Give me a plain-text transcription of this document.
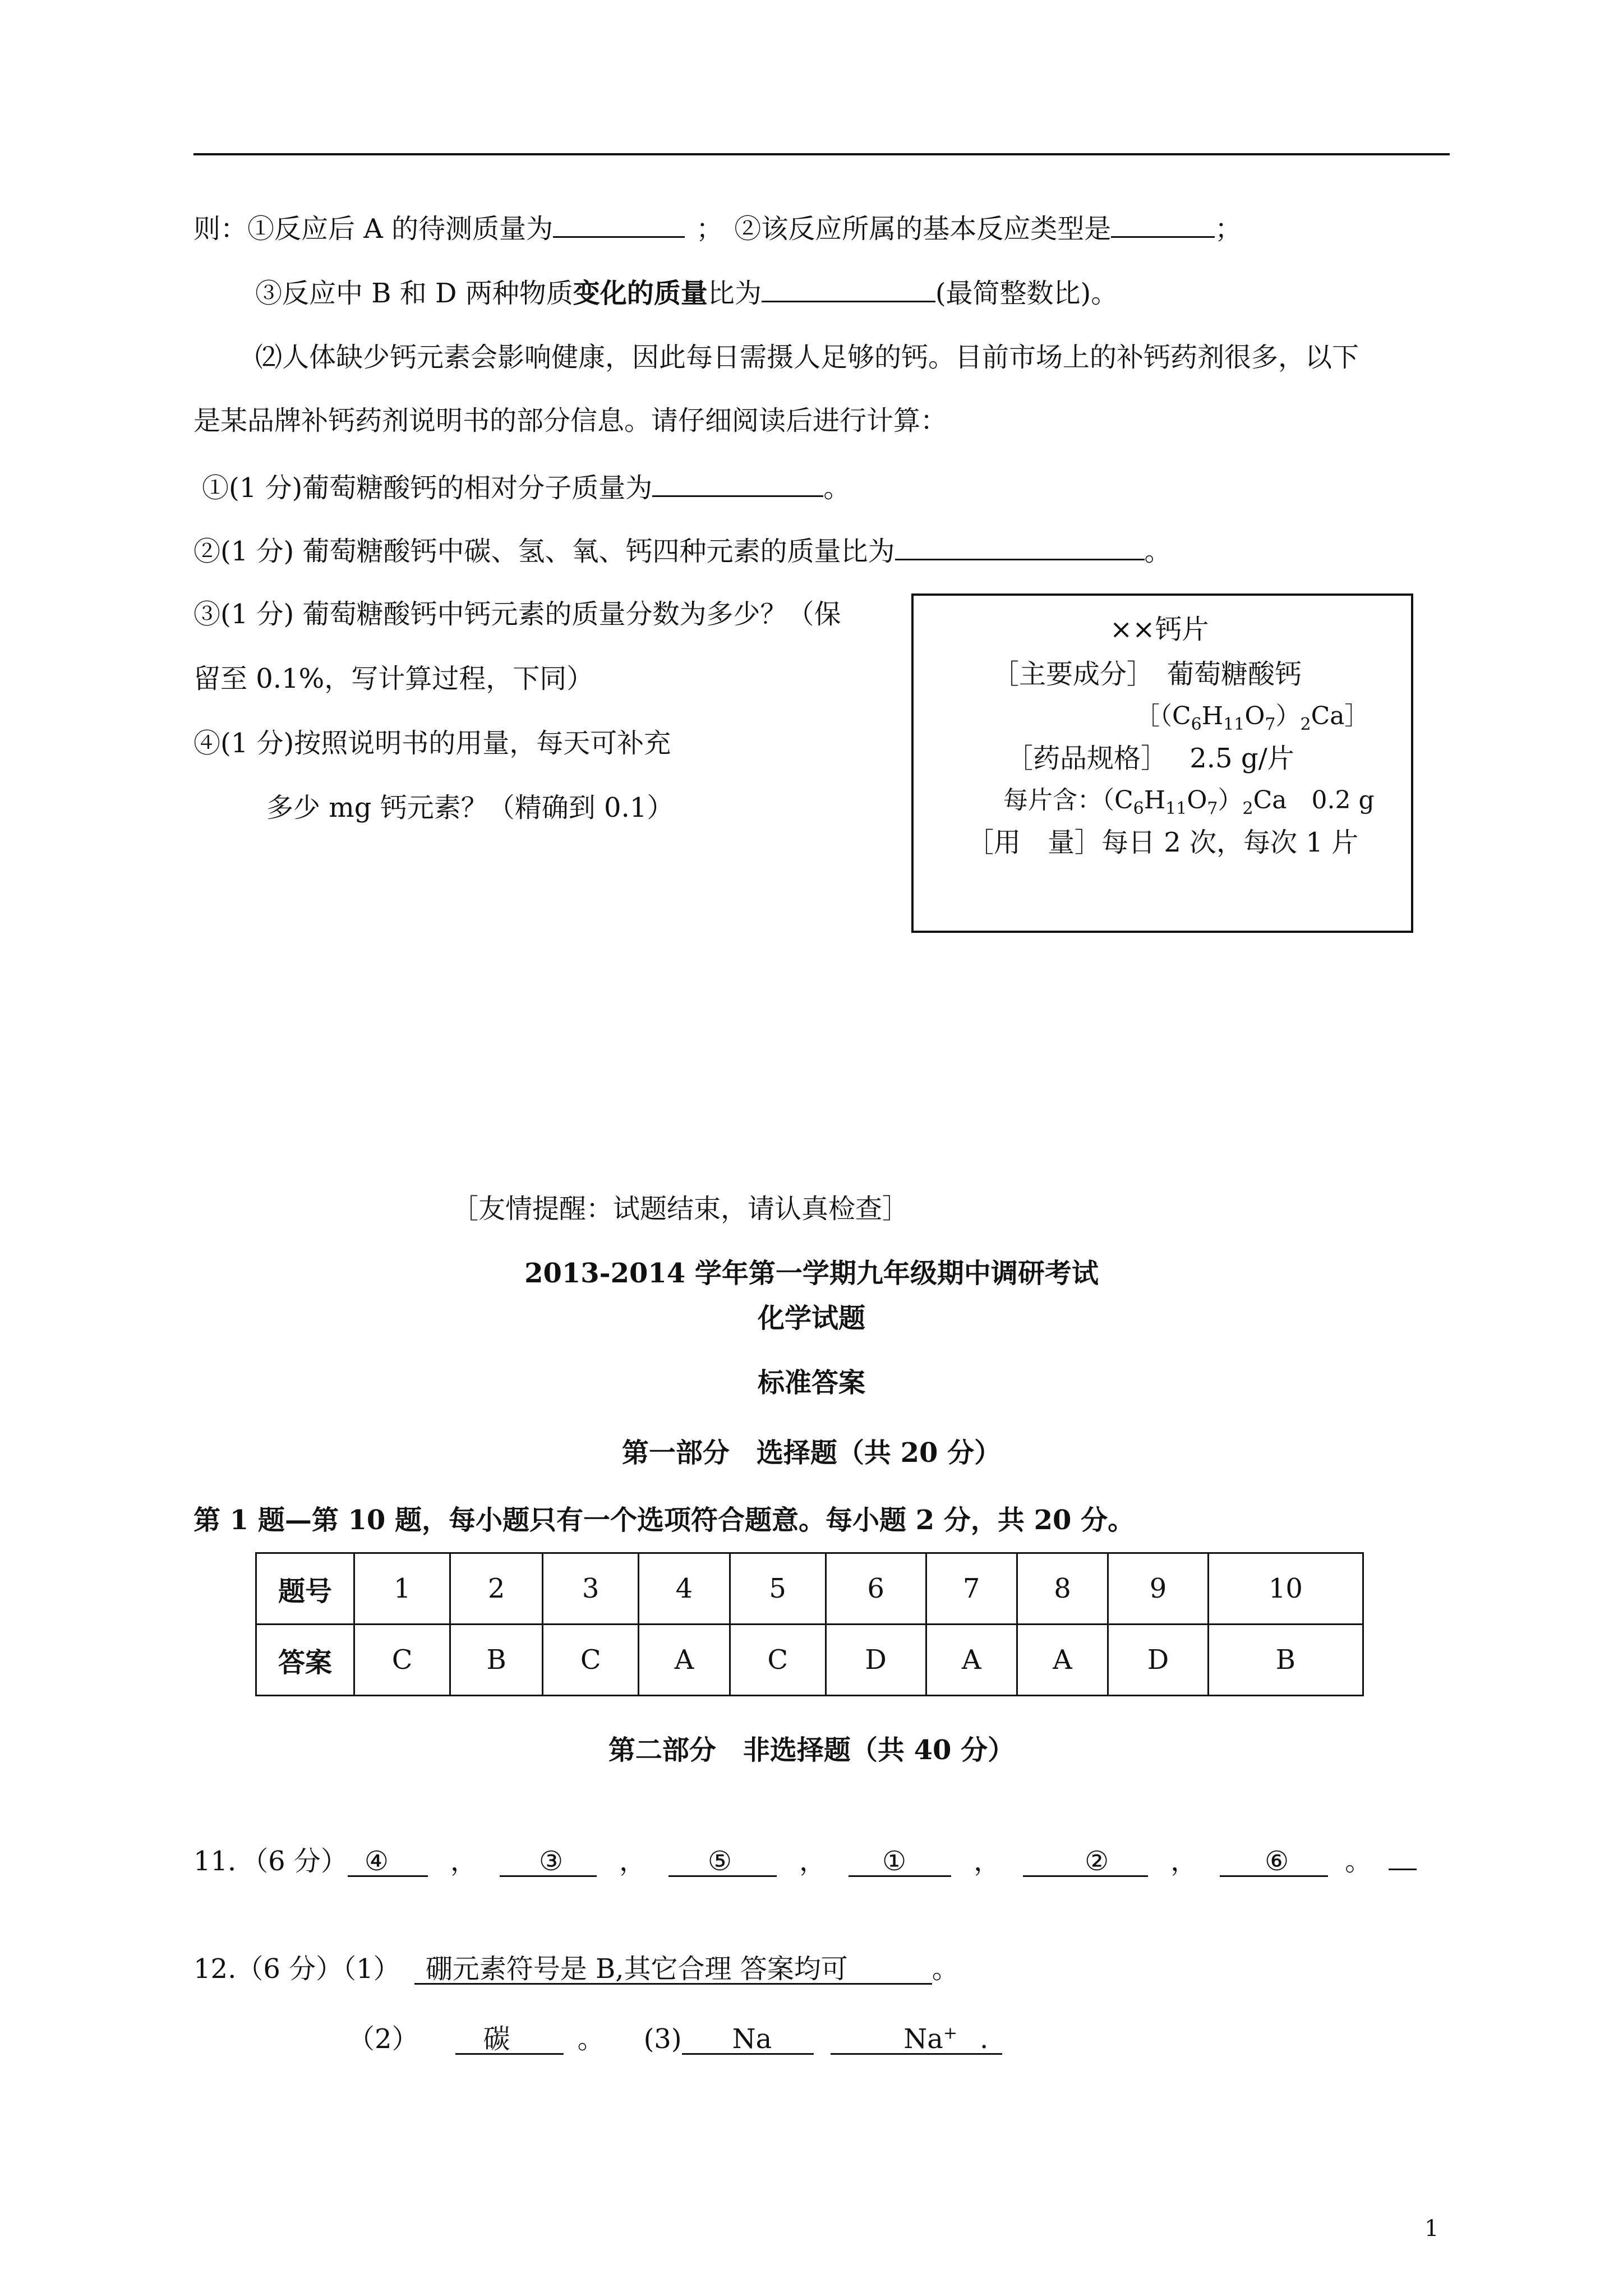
则：①反应后 A 的待测质量为	； ②该反应所属的基本反应类型是	；
③反应中 B 和 D 两种物质变化的质量比为	(最简整数比)。
⑵人体缺少钙元素会影响健康，因此每日需摄人足够的钙。目前市场上的补钙药剂很多，以下
是某品牌补钙药剂说明书的部分信息。请仔细阅读后进行计算：
①(1 分)葡萄糖酸钙的相对分子质量为	。
②(1 分) 葡萄糖酸钙中碳、氢、氧、钙四种元素的质量比为	。
③(1 分) 葡萄糖酸钙中钙元素的质量分数为多少？（保
留至 0.1%，写计算过程，下同）
④(1 分)按照说明书的用量，每天可补充
多少 mg 钙元素？（精确到 0.1）
××钙片
［主要成分］　葡萄糖酸钙
$[(C_6H_{11}O_7)_2Ca]$
［药品规格］　 2.5 g/片
每片含：$(C_6H_{11}O_7)_2Ca$　0.2 g
［用　量］每日 2 次，每次 1 片
［友情提醒：试题结束，请认真检查］
2013-2014 学年第一学期九年级期中调研考试
化学试题
标准答案
第一部分　选择题（共 20 分）
第 1 题—第 10 题，每小题只有一个选项符合题意。每小题 2 分，共 20 分。
题号	1	2	3	4	5	6	7	8	9	10
答案	C	B	C	A	C	D	A	A	D	B
第二部分　非选择题（共 40 分）
11．（6 分） ④ ， ③ ， ⑤	， ①	，	② ，	⑥ 。
12.（6 分）（1） 硼元素符号是 B,其它合理 答案均可	。
（2） 碳	。 (3) Na	Na+ .
1
